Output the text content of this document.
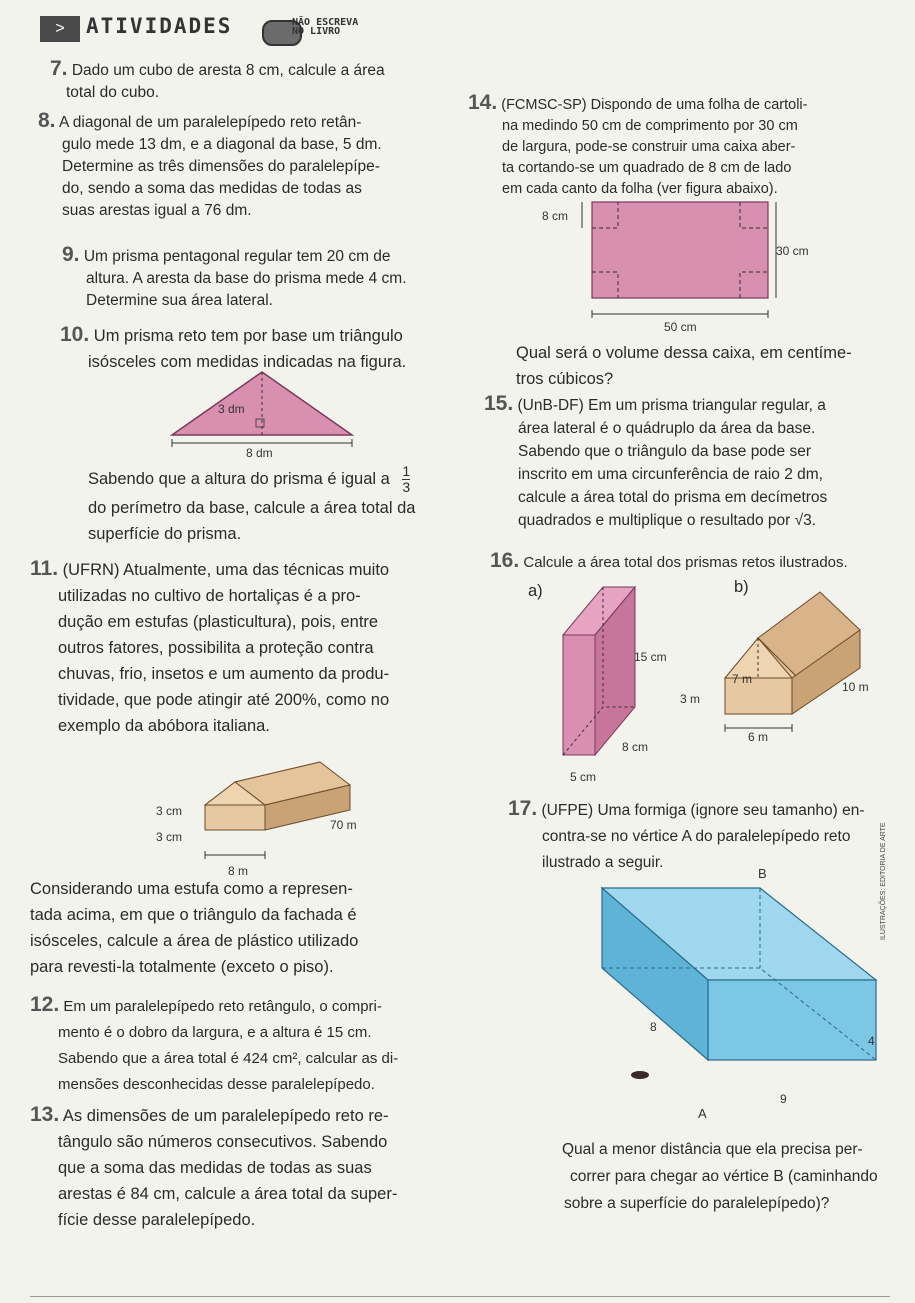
>	ATIVIDADES	NÃO ESCREVA
NO LIVRO
7. Dado um cubo de aresta 8 cm, calcule a área
total do cubo.
8. A diagonal de um paralelepípedo reto retân-

gulo mede 13 dm, e a diagonal da base, 5 dm.
Determine as três dimensões do paralelepípe-
do, sendo a soma das medidas de todas as
suas arestas igual a 76 dm.
9. Um prisma pentagonal regular tem 20 cm de
altura. A aresta da base do prisma mede 4 cm.
Determine sua área lateral.
10. Um prisma reto tem por base um triângulo
isósceles com medidas indicadas na figura.
3 dm
8 dm
Sabendo que a altura do prisma é igual a $\frac{1}{3}$
do perímetro da base, calcule a área total da
superfície do prisma.
11. (UFRN) Atualmente, uma das técnicas muito
utilizadas no cultivo de hortaliças é a pro-
dução em estufas (plasticultura), pois, entre
outros fatores, possibilita a proteção contra
chuvas, frio, insetos e um aumento da produ-
tividade, que pode atingir até 200%, como no
exemplo da abóbora italiana.
3 cm
3 cm
70 m
8 m
Considerando uma estufa como a represen-
tada acima, em que o triângulo da fachada é
isósceles, calcule a área de plástico utilizado
para revesti-la totalmente (exceto o piso).
12. Em um paralelepípedo reto retângulo, o compri-
mento é o dobro da largura, e a altura é 15 cm.
Sabendo que a área total é 424 cm², calcular as di-
mensões desconhecidas desse paralelepípedo.
13. As dimensões de um paralelepípedo reto re-
tângulo são números consecutivos. Sabendo
que a soma das medidas de todas as suas
arestas é 84 cm, calcule a área total da super-
fície desse paralelepípedo.
14. (FCMSC-SP) Dispondo de uma folha de cartoli-
na medindo 50 cm de comprimento por 30 cm
de largura, pode-se construir uma caixa aber-
ta cortando-se um quadrado de 8 cm de lado
em cada canto da folha (ver figura abaixo).
8 cm
30 cm
50 cm
Qual será o volume dessa caixa, em centíme-
tros cúbicos?
15. (UnB-DF) Em um prisma triangular regular, a
área lateral é o quádruplo da área da base.
Sabendo que o triângulo da base pode ser
inscrito em uma circunferência de raio 2 dm,
calcule a área total do prisma em decímetros
quadrados e multiplique o resultado por √3.
16. Calcule a área total dos prismas retos ilustrados.
a)
15 cm
8 cm
5 cm
b)
7 m
3 m
10 m
6 m
17. (UFPE) Uma formiga (ignore seu tamanho) en-
contra-se no vértice A do paralelepípedo reto
ilustrado a seguir.
B
A
4
8
9
ILUSTRAÇÕES: EDITORIA DE ARTE
Qual a menor distância que ela precisa per-
correr para chegar ao vértice B (caminhando
sobre a superfície do paralelepípedo)?
